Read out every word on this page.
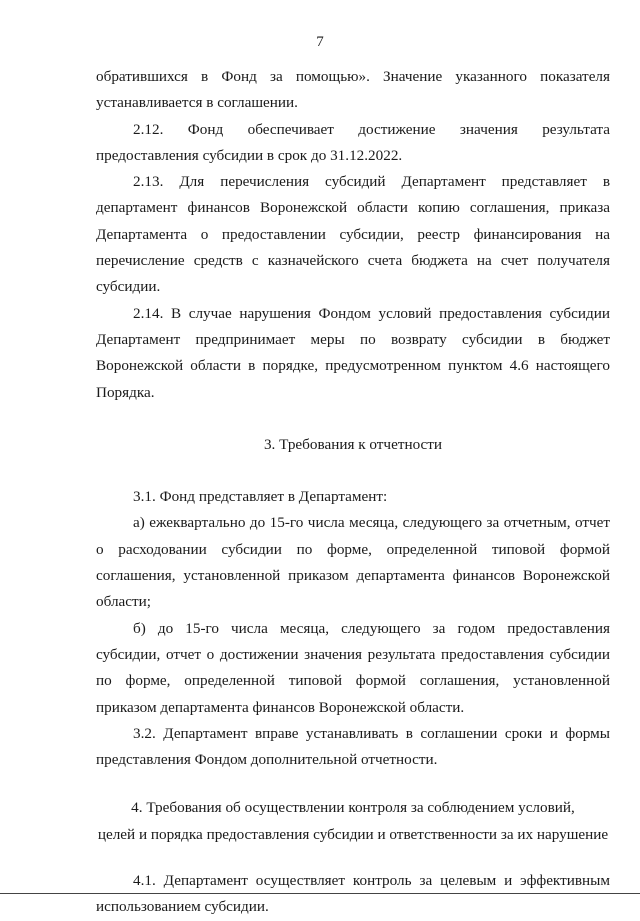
7

обратившихся в Фонд за помощью». Значение указанного показателя устанавливается в соглашении.

2.12. Фонд обеспечивает достижение значения результата предоставления субсидии в срок до 31.12.2022.

2.13. Для перечисления субсидий Департамент представляет в департамент финансов Воронежской области копию соглашения, приказа Департамента о предоставлении субсидии, реестр финансирования на перечисление средств с казначейского счета бюджета на счет получателя субсидии.

2.14. В случае нарушения Фондом условий предоставления субсидии Департамент предпринимает меры по возврату субсидии в бюджет Воронежской области в порядке, предусмотренном пунктом 4.6 настоящего Порядка.

3. Требования к отчетности

3.1. Фонд представляет в Департамент:

а) ежеквартально до 15-го числа месяца, следующего за отчетным, отчет о расходовании субсидии по форме, определенной типовой формой соглашения, установленной приказом департамента финансов Воронежской области;

б) до 15-го числа месяца, следующего за годом предоставления субсидии, отчет о достижении значения результата предоставления субсидии по форме, определенной типовой формой соглашения, установленной приказом департамента финансов Воронежской области.

3.2. Департамент вправе устанавливать в соглашении сроки и формы представления Фондом дополнительной отчетности.

4. Требования об осуществлении контроля за соблюдением условий,

целей и порядка предоставления субсидии и ответственности за их нарушение

4.1. Департамент осуществляет контроль за целевым и эффективным использованием субсидии.
